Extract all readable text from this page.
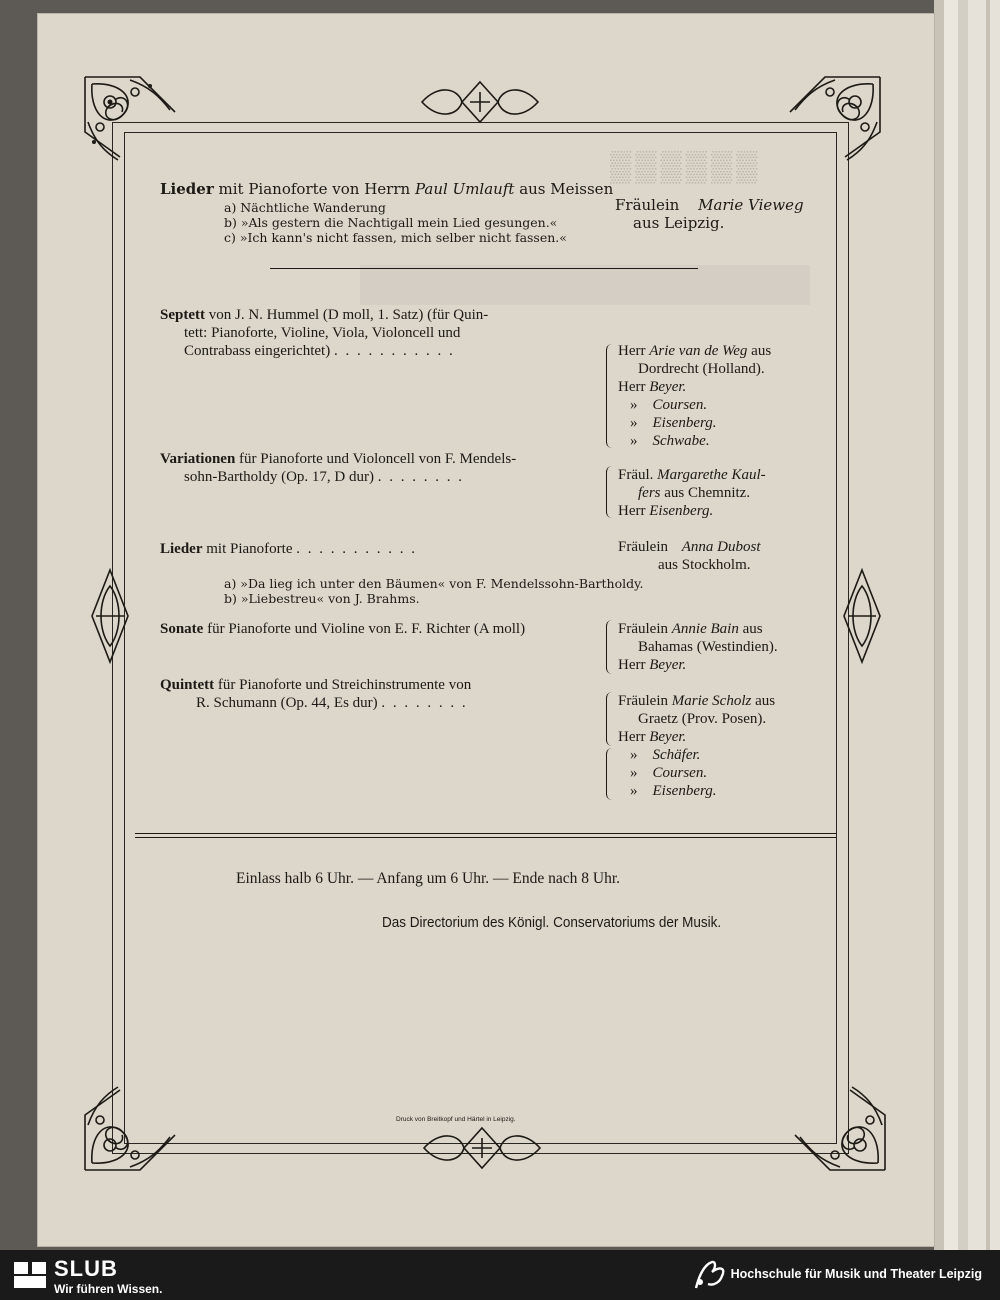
▒▒▒▒▒▒
Lieder mit Pianoforte von Herrn Paul Umlauft aus Meissen
a) Nächtliche Wanderung
b) »Als gestern die Nachtigall mein Lied gesungen.«
c) »Ich kann's nicht fassen, mich selber nicht fassen.«
Fräulein Marie Vieweg
aus Leipzig.
Septett von J. N. Hummel (D moll, 1. Satz) (für Quin-
tett: Pianoforte, Violine, Viola, Violoncell und
Contrabass eingerichtet) . . . . . . . . . . .	Herr Arie van de Weg aus
Dordrecht (Holland).
Herr Beyer.
» Coursen.
» Eisenberg.
» Schwabe.
Variationen für Pianoforte und Violoncell von F. Mendels-
sohn-Bartholdy (Op. 17, D dur) . . . . . . . .	Fräul. Margarethe Kaul-
fers aus Chemnitz.
Herr Eisenberg.
Lieder mit Pianoforte . . . . . . . . . . .	Fräulein Anna Dubost
aus Stockholm.
a) »Da lieg ich unter den Bäumen« von F. Mendelssohn-Bartholdy.
b) »Liebestreu« von J. Brahms.
Sonate für Pianoforte und Violine von E. F. Richter (A moll)	Fräulein Annie Bain aus
Bahamas (Westindien).
Herr Beyer.
Quintett für Pianoforte und Streichinstrumente von
R. Schumann (Op. 44, Es dur) . . . . . . . .	Fräulein Marie Scholz aus
Graetz (Prov. Posen).
Herr Beyer.
» Schäfer.
» Coursen.
» Eisenberg.
Einlass halb 6 Uhr. — Anfang um 6 Uhr. — Ende nach 8 Uhr.
Das Directorium des Königl. Conservatoriums der Musik.
Druck von Breitkopf und Härtel in Leipzig.
SLUB
Wir führen Wissen.
Hochschule für Musik und Theater Leipzig
